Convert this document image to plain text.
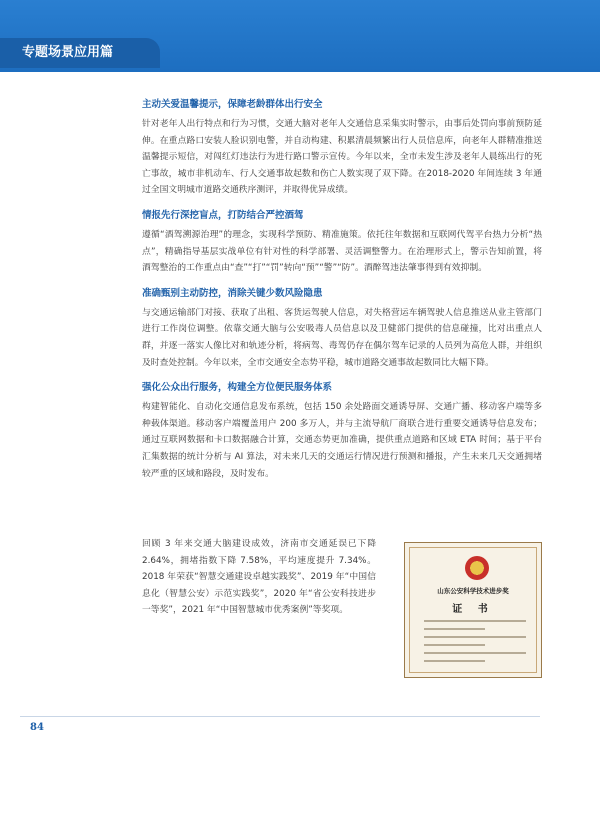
专题场景应用篇
主动关爱温馨提示，保障老龄群体出行安全

针对老年人出行特点和行为习惯，交通大脑对老年人交通信息采集实时警示，由事后处罚向事前预防延伸。在重点路口安装人脸识别电警，并自动构建、积累清晨频繁出行人员信息库，向老年人群精准推送温馨提示短信，对闯红灯违法行为进行路口警示宣传。今年以来，全市未发生涉及老年人晨练出行的死亡事故，城市非机动车、行人交通事故起数和伤亡人数实现了双下降。在2018-2020 年间连续 3 年通过全国文明城市道路交通秩序测评，并取得优异成绩。

情报先行深挖盲点，打防结合严控酒驾

遵循“酒驾溯源治理”的理念，实现科学预防、精准施策。依托往年数据和互联网代驾平台热力分析“热点”，精确指导基层实战单位有针对性的科学部署、灵活调整警力。在治理形式上，警示告知前置，将酒驾整治的工作重点由“查”“打”“罚”转向“预”“警”“防”。酒醉驾违法肇事得到有效抑制。

准确甄别主动防控，消除关键少数风险隐患

与交通运输部门对接、获取了出租、客货运驾驶人信息，对失格营运车辆驾驶人信息推送从业主管部门进行工作岗位调整。依靠交通大脑与公安吸毒人员信息以及卫健部门提供的信息碰撞，比对出重点人群，并逐一落实人像比对和轨迹分析，将病驾、毒驾仍存在偶尔驾车记录的人员列为高危人群，并组织及时查处控制。今年以来，全市交通安全态势平稳，城市道路交通事故起数同比大幅下降。

强化公众出行服务，构建全方位便民服务体系

构建智能化、自动化交通信息发布系统，包括 150 余处路面交通诱导屏、交通广播、移动客户端等多种载体渠道。移动客户端覆盖用户 200 多万人，并与主流导航厂商联合进行重要交通诱导信息发布；通过互联网数据和卡口数据融合计算，交通态势更加准确，提供重点道路和区域 ETA 时间；基于平台汇集数据的统计分析与 AI 算法，对未来几天的交通运行情况进行预测和播报，产生未来几天交通拥堵较严重的区域和路段，及时发布。

回顾 3 年来交通大脑建设成效，济南市交通延误已下降 2.64%，拥堵指数下降 7.58%，平均速度提升 7.34%。2018 年荣获“智慧交通建设卓越实践奖”、2019 年“中国信息化（智慧公安）示范实践奖”，2020 年“省公安科技进步一等奖”，2021 年“中国智慧城市优秀案例”等奖项。

山东公安科学技术进步奖
证 书
84
